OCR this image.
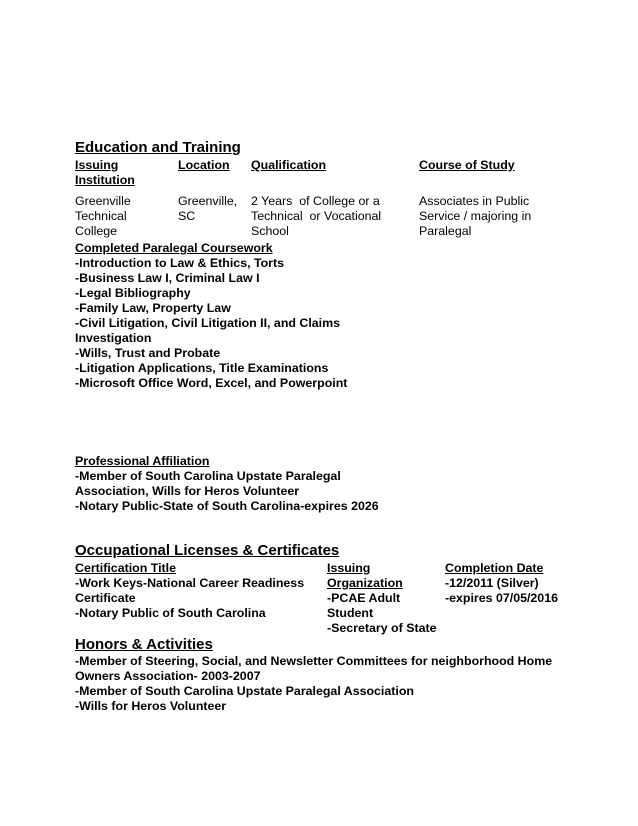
Education and Training
Issuing
Institution
Location Qualification	Course of Study
Greenville
Technical
College
Greenville,
SC
2 Years  of College or a
Technical  or Vocational
School
Associates in Public
Service / majoring in
Paralegal
Completed Paralegal Coursework
-Introduction to Law & Ethics, Torts
-Business Law I, Criminal Law I
-Legal Bibliography
-Family Law, Property Law
-Civil Litigation, Civil Litigation II, and Claims
Investigation
-Wills, Trust and Probate
-Litigation Applications, Title Examinations
-Microsoft Office Word, Excel, and Powerpoint
Professional Affiliation
-Member of South Carolina Upstate Paralegal
Association, Wills for Heros Volunteer
-Notary Public-State of South Carolina-expires 2026
Occupational Licenses & Certificates
Certification Title
-Work Keys-National Career Readiness
Certificate
-Notary Public of South Carolina
Issuing
Organization
-PCAE Adult
Student
-Secretary of State
Completion Date
-12/2011 (Silver)
-expires 07/05/2016
Honors & Activities
-Member of Steering, Social, and Newsletter Committees for neighborhood Home
Owners Association- 2003-2007
-Member of South Carolina Upstate Paralegal Association
-Wills for Heros Volunteer
